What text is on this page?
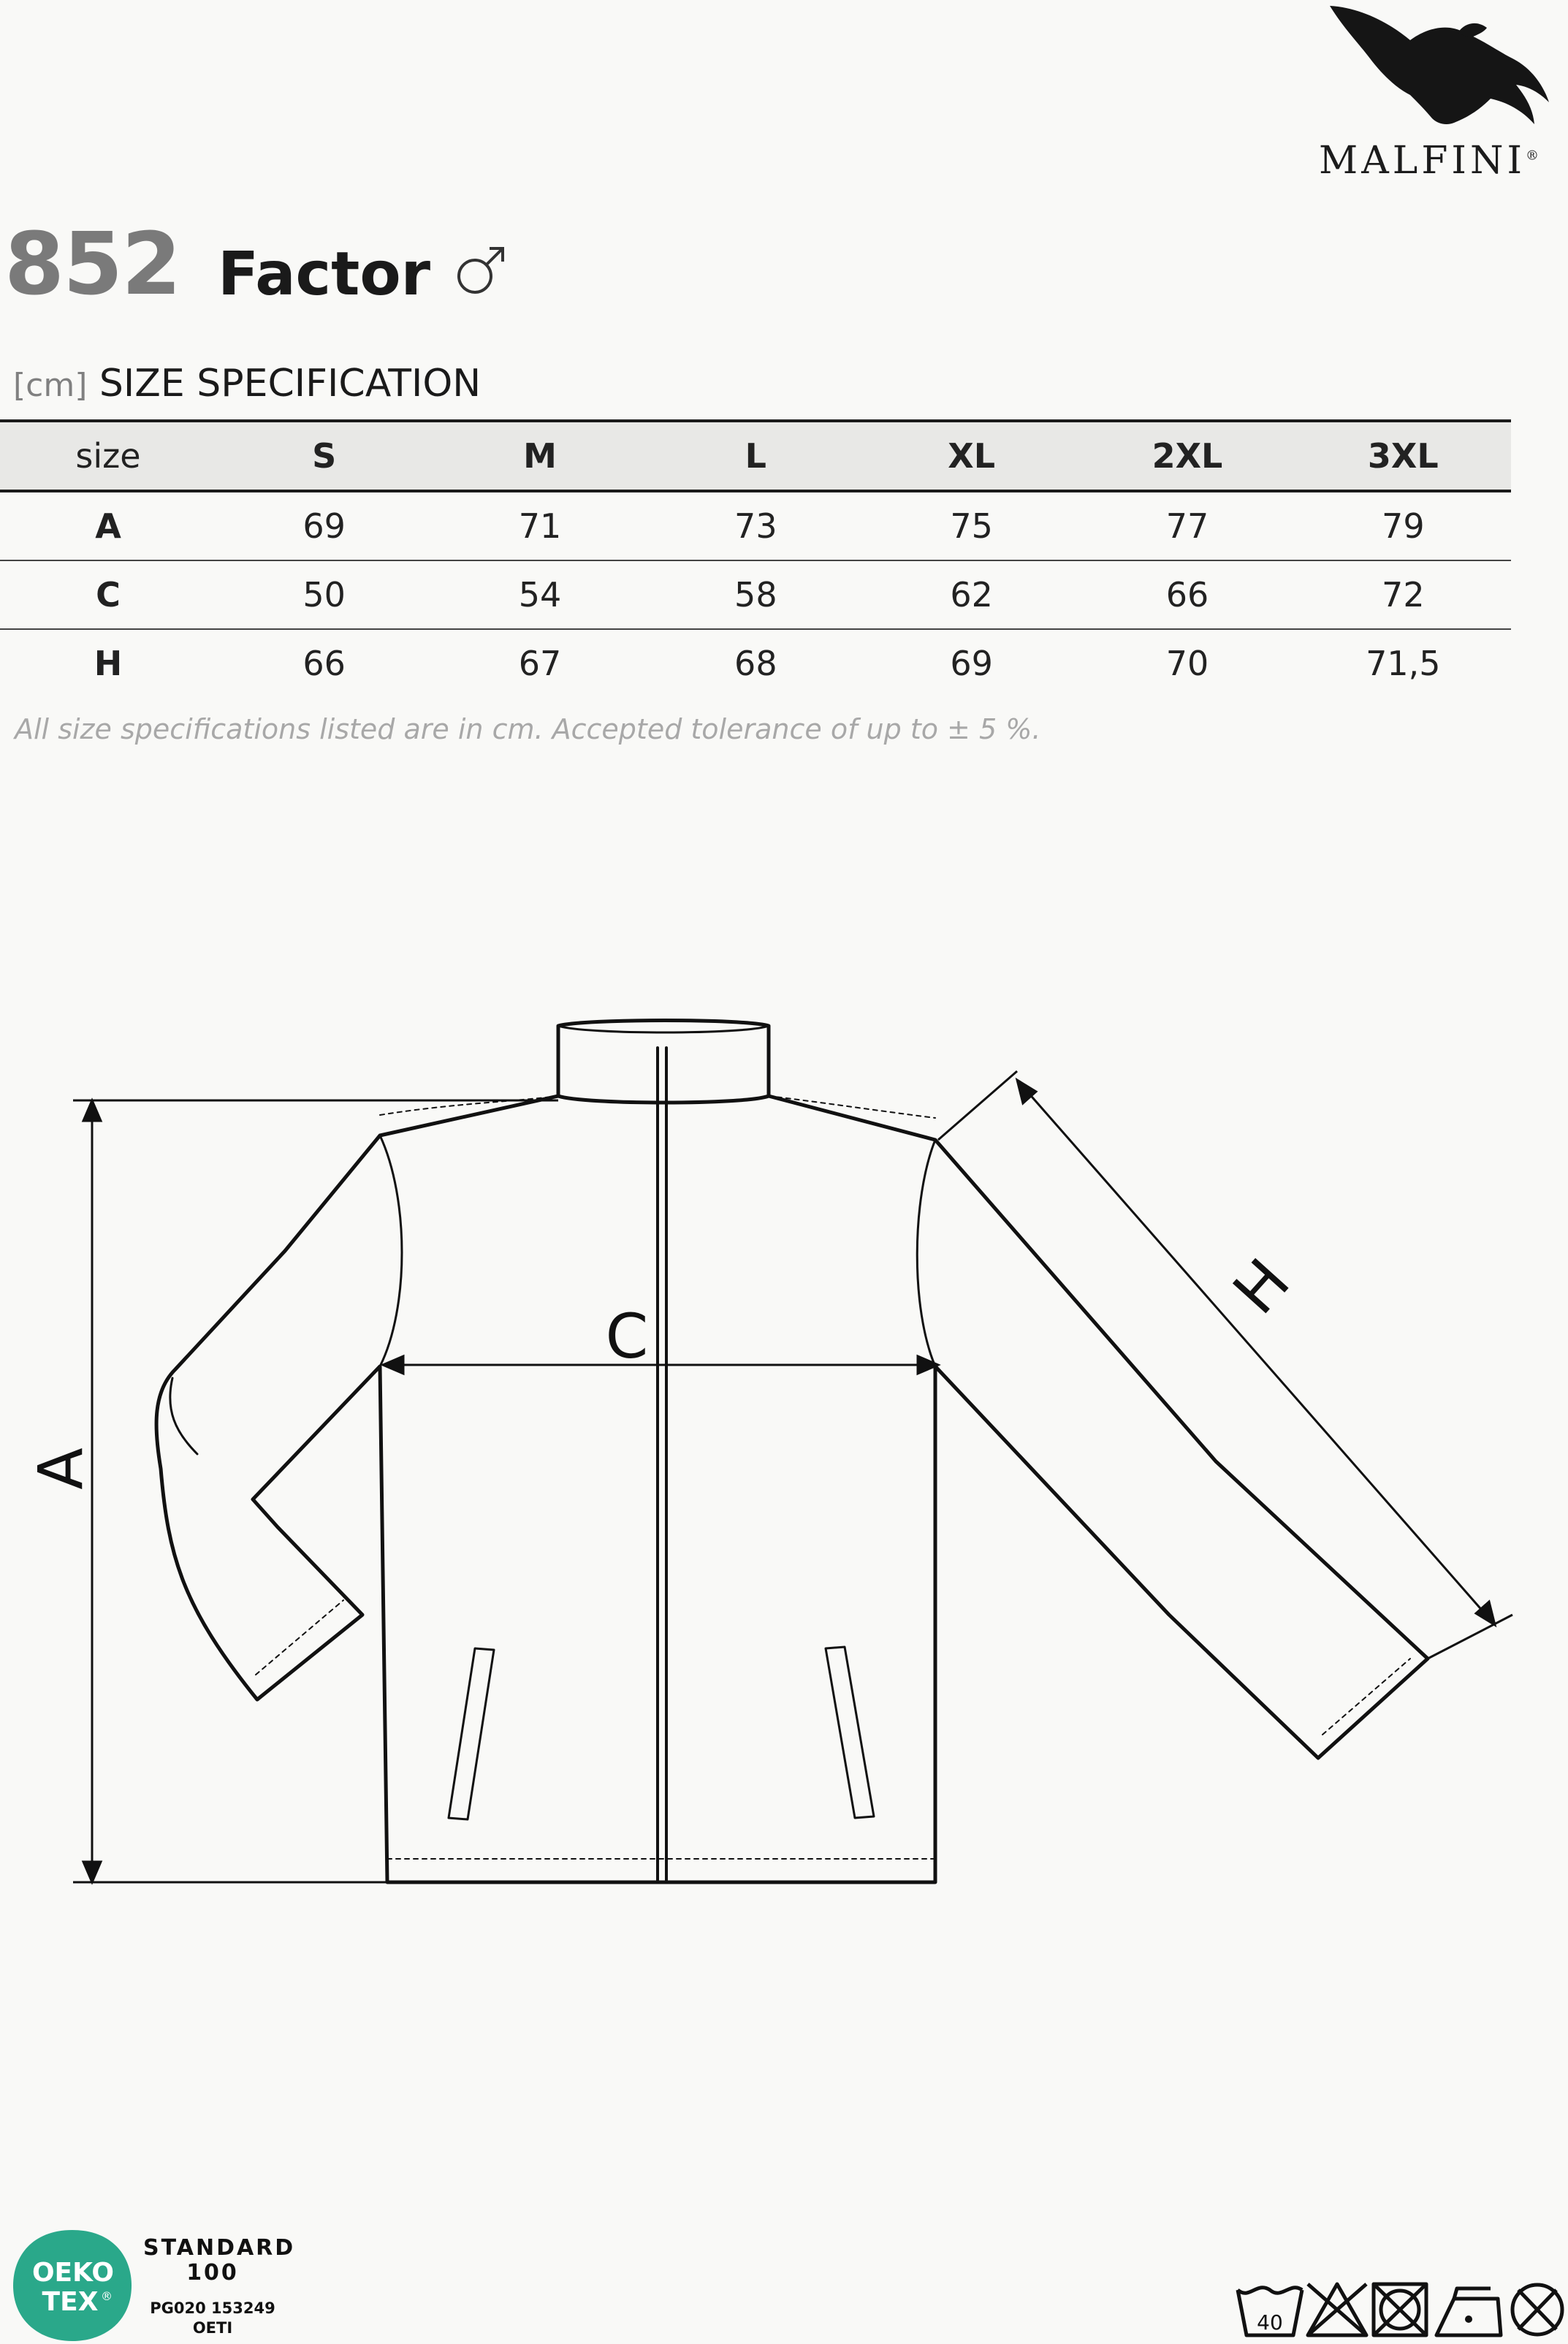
MALFINI®
852 Factor
[cm] SIZE SPECIFICATION
size	S	M	L	XL	2XL	3XL
A	69	71	73	75	77	79
C	50	54	58	62	66	72
H	66	67	68	69	70	71,5
All size specifications listed are in cm. Accepted tolerance of up to ± 5 %.
A
C
H
OEKO
TEX ®
STANDARD
100
PG020 153249
OETI	40
